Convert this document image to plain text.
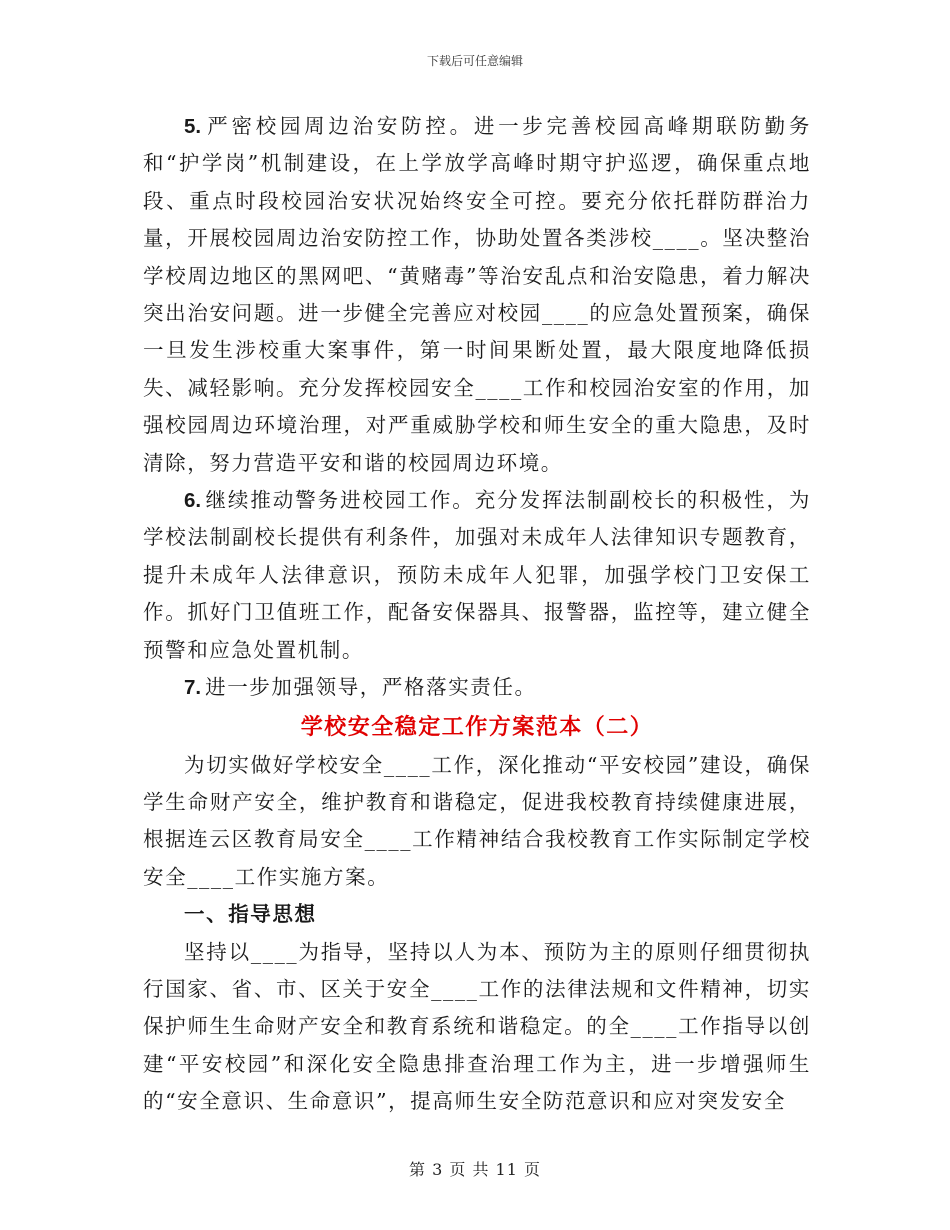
下载后可任意编辑

5. 严密校园周边治安防控。进一步完善校园高峰期联防勤务和“护学岗”机制建设，在上学放学高峰时期守护巡逻，确保重点地段、重点时段校园治安状况始终安全可控。要充分依托群防群治力量，开展校园周边治安防控工作，协助处置各类涉校____。坚决整治学校周边地区的黑网吧、“黄赌毒”等治安乱点和治安隐患，着力解决突出治安问题。进一步健全完善应对校园____的应急处置预案，确保一旦发生涉校重大案事件，第一时间果断处置，最大限度地降低损失、减轻影响。充分发挥校园安全____工作和校园治安室的作用，加强校园周边环境治理，对严重威胁学校和师生安全的重大隐患，及时清除，努力营造平安和谐的校园周边环境。

6. 继续推动警务进校园工作。充分发挥法制副校长的积极性，为学校法制副校长提供有利条件，加强对未成年人法律知识专题教育，提升未成年人法律意识，预防未成年人犯罪，加强学校门卫安保工作。抓好门卫值班工作，配备安保器具、报警器，监控等，建立健全预警和应急处置机制。

7. 进一步加强领导，严格落实责任。

学校安全稳定工作方案范本（二）

为切实做好学校安全____工作，深化推动“平安校园”建设，确保学生命财产安全，维护教育和谐稳定，促进我校教育持续健康进展，根据连云区教育局安全____工作精神结合我校教育工作实际制定学校安全____工作实施方案。

一、指导思想

坚持以____为指导，坚持以人为本、预防为主的原则仔细贯彻执行国家、省、市、区关于安全____工作的法律法规和文件精神，切实保护师生生命财产安全和教育系统和谐稳定。的全____工作指导以创建“平安校园”和深化安全隐患排查治理工作为主，进一步增强师生的“安全意识、生命意识”，提高师生安全防范意识和应对突发安全

第 3 页 共 11 页
